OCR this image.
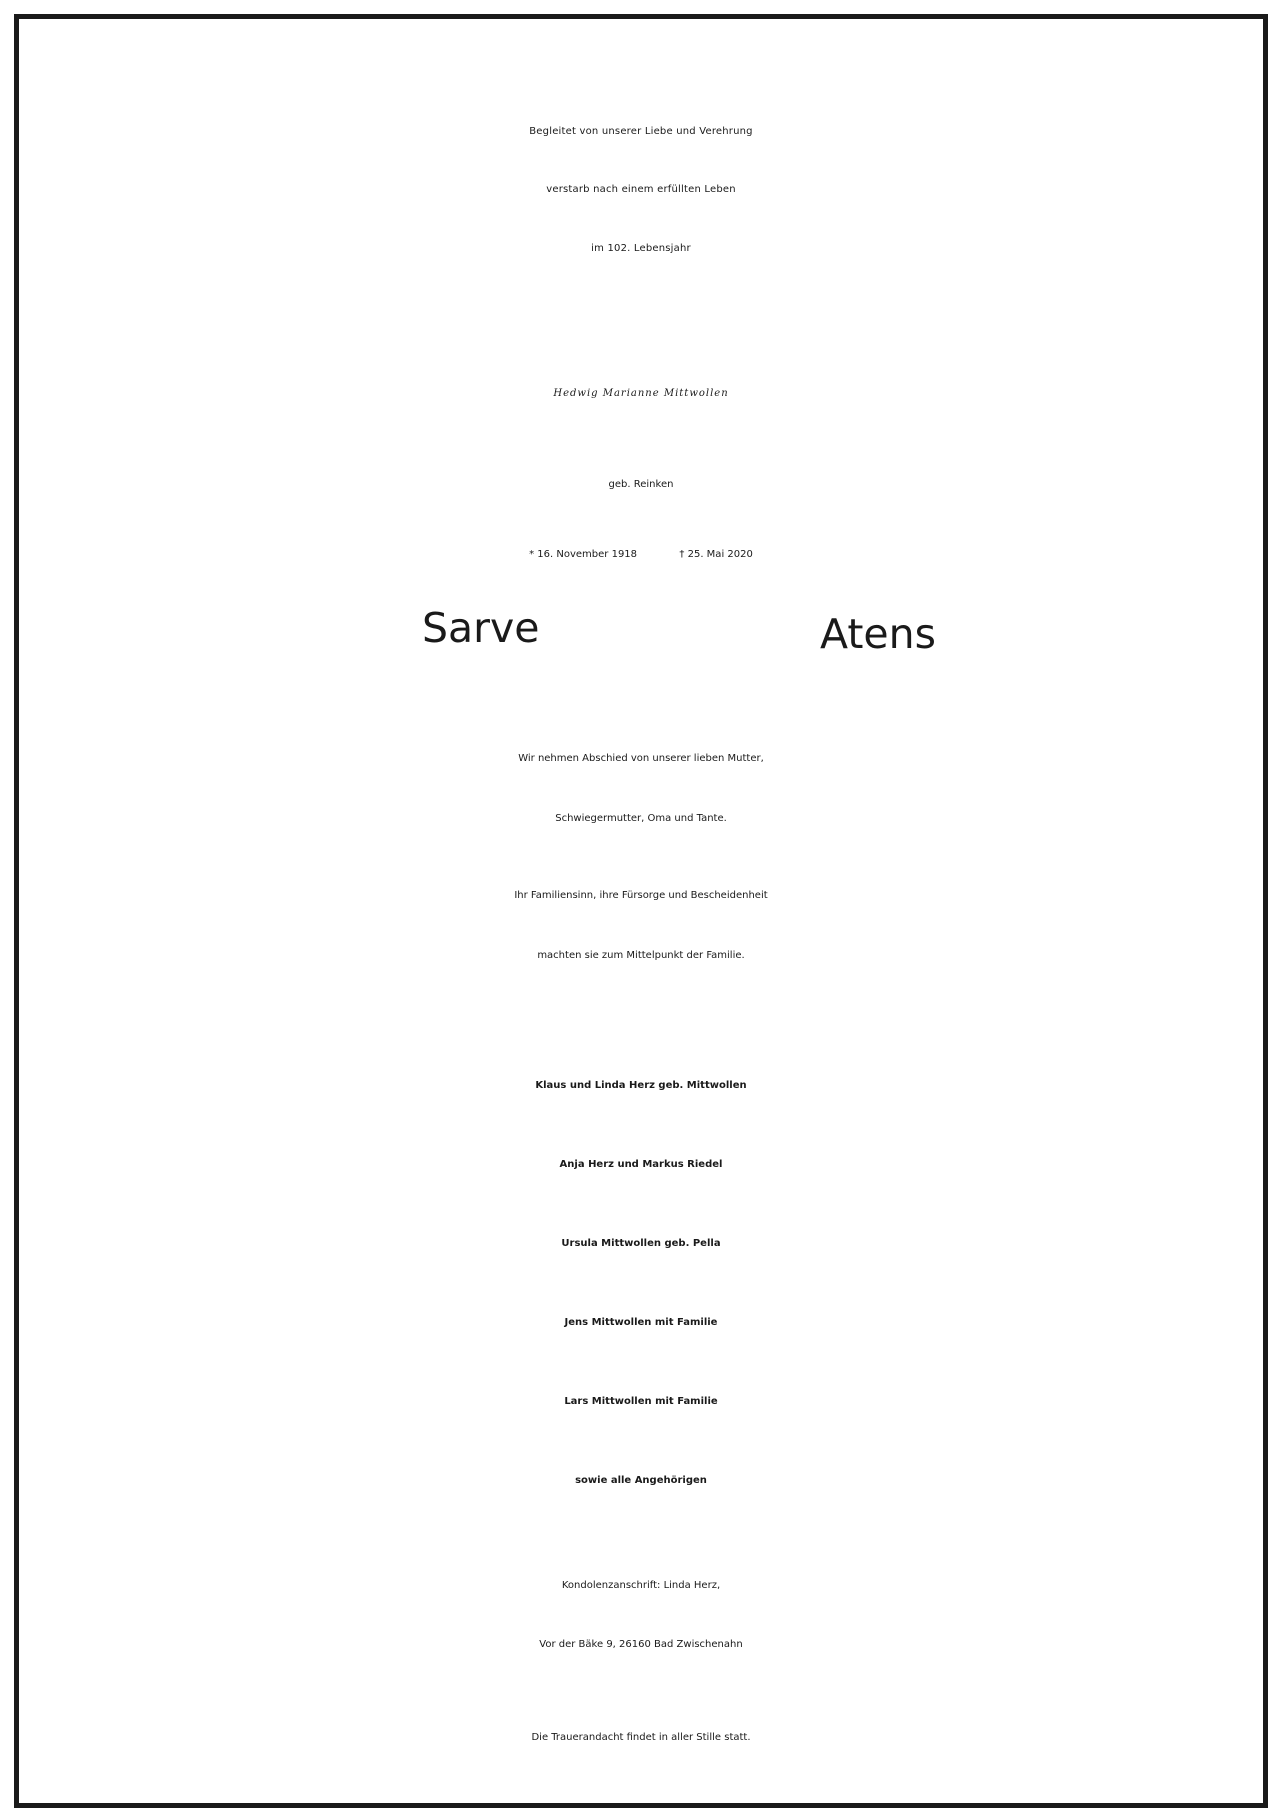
Begleitet von unserer Liebe und Verehrung

verstarb nach einem erfüllten Leben

im 102. Lebensjahr

Hedwig Marianne Mittwollen

geb. Reinken

* 16. November 1918	† 25. Mai 2020
Sarve	Atens

Wir nehmen Abschied von unserer lieben Mutter,

Schwiegermutter, Oma und Tante.

Ihr Familiensinn, ihre Fürsorge und Bescheidenheit

machten sie zum Mittelpunkt der Familie.

Klaus und Linda Herz geb. Mittwollen

Anja Herz und Markus Riedel

Ursula Mittwollen geb. Pella

Jens Mittwollen mit Familie

Lars Mittwollen mit Familie

sowie alle Angehörigen

Kondolenzanschrift: Linda Herz,

Vor der Bäke 9, 26160 Bad Zwischenahn

Die Trauerandacht findet in aller Stille statt.
